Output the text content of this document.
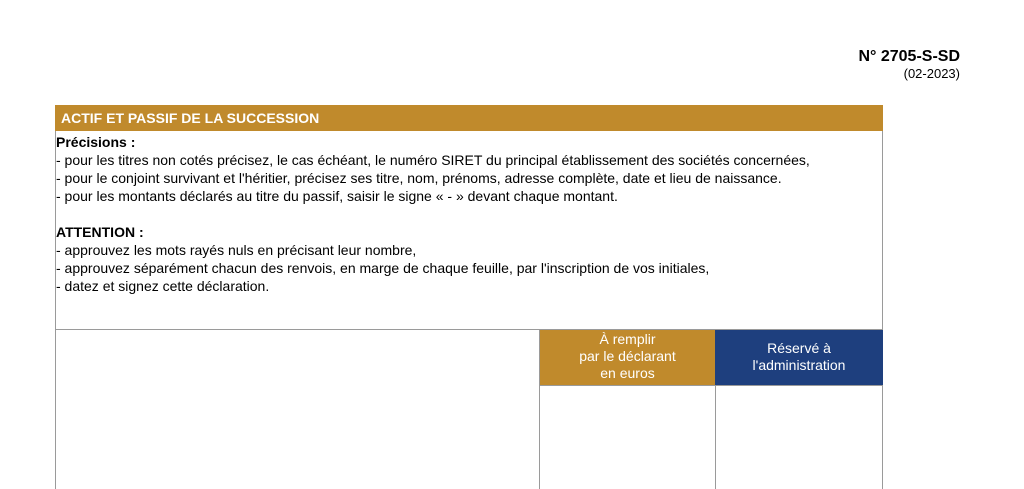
N° 2705-S-SD
(02-2023)
ACTIF ET PASSIF DE LA SUCCESSION
Précisions :
- pour les titres non cotés précisez, le cas échéant, le numéro SIRET du principal établissement des sociétés concernées,
- pour le conjoint survivant et l'héritier, précisez ses titre, nom, prénoms, adresse complète, date et lieu de naissance.
- pour les montants déclarés au titre du passif, saisir le signe « - » devant chaque montant.
ATTENTION :
- approuvez les mots rayés nuls en précisant leur nombre,
- approuvez séparément chacun des renvois, en marge de chaque feuille, par l'inscription de vos initiales,
- datez et signez cette déclaration.
À remplir
par le déclarant
en euros
Réservé à
l'administration
